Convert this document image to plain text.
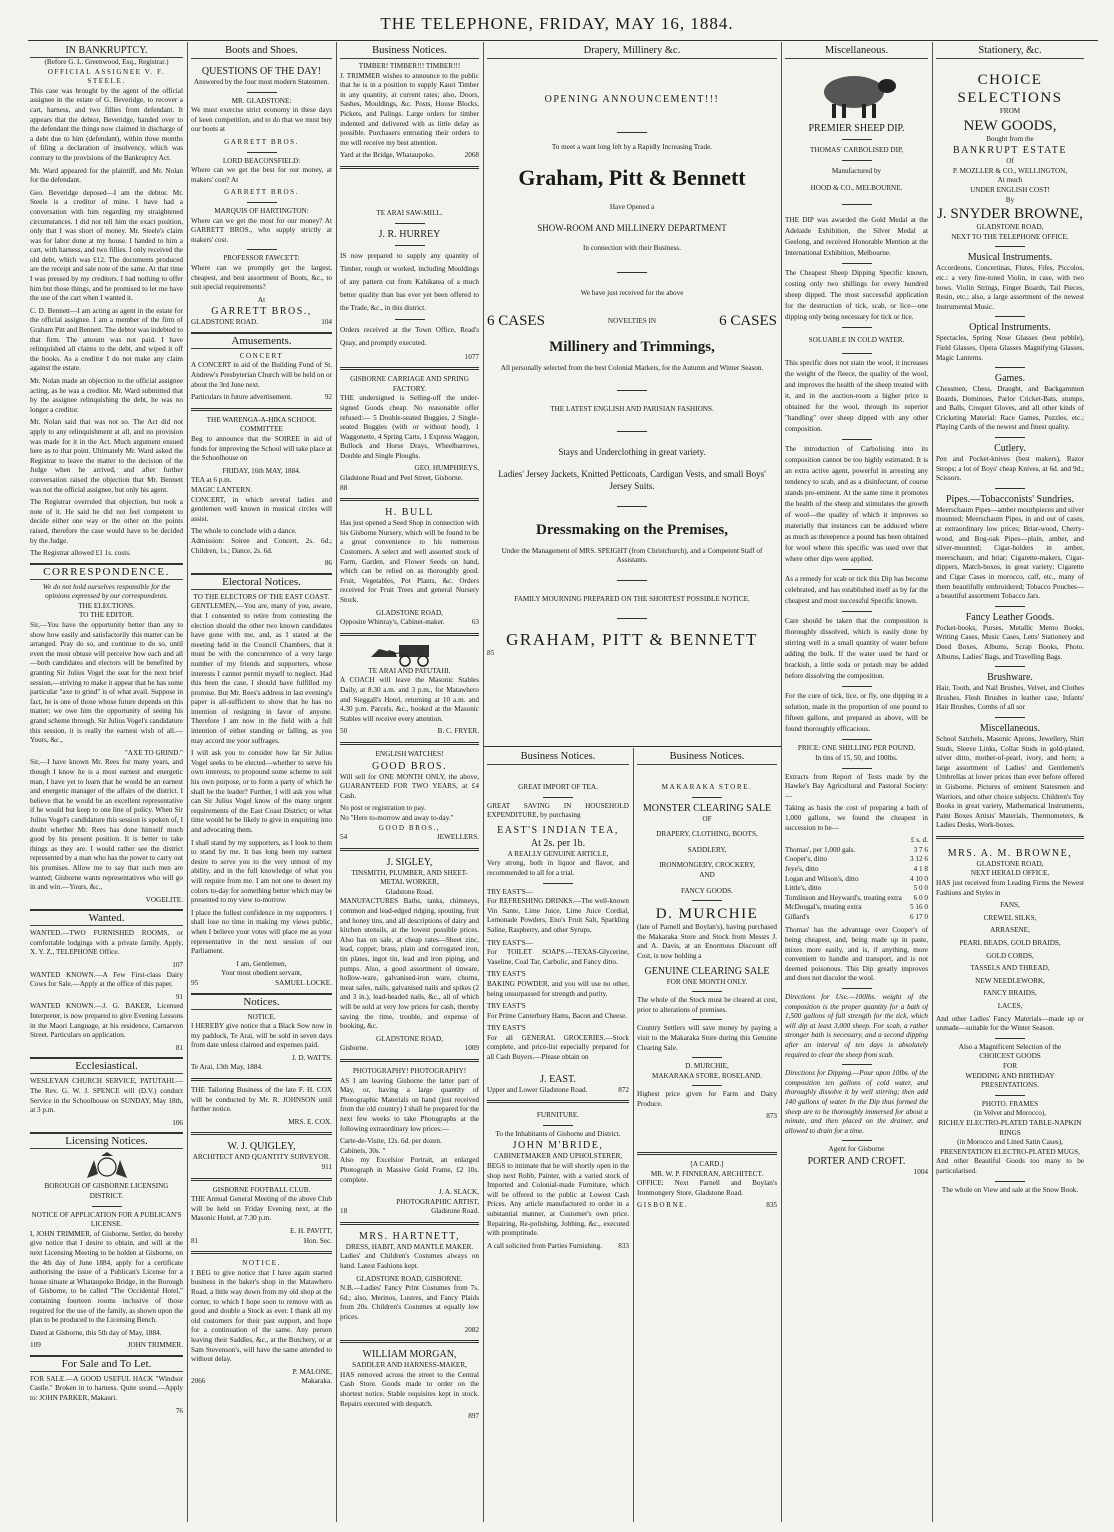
THE TELEPHONE, FRIDAY, MAY 16, 1884.
IN BANKRUPTCY.
(Before G. L. Greenwood, Esq., Registrar.)
OFFICIAL ASSIGNEE V. F. STEELE.

This case was brought by the agent of the official assignee in the estate of G. Beveridge, to recover a cart, harness, and two fillies from defendant. It appears that the debtor, Beveridge, handed over to the defendant the things now claimed in discharge of a debt due to him (defendant), within three months of filing a declaration of insolvency, which was contrary to the provisions of the Bankruptcy Act.

Mr. Ward appeared for the plaintiff, and Mr. Nolan for the defendant.

Geo. Beveridge deposed—I am the debtor. Mr. Steele is a creditor of mine. I have had a conversation with him regarding my straightened circumstances. I did not tell him the exact position, only that I was short of money. Mr. Steele's claim was for labor done at my house. I handed to him a cart, with harness, and two fillies. I only received the old debt, which was £12. The documents produced are the receipt and sale note of the same. At that time I was pressed by my creditors. I had nothing to offer him but those things, and he promised to let me have the use of the cart when I wanted it.

C. D. Bennett—I am acting as agent in the estate for the official assignee. I am a member of the firm of Graham Pitt and Bennett. The debtor was indebted to that firm. The amount was not paid. I have relinquished all claims to the debt, and wiped it off the books. As a creditor I do not make any claim against the estate.

Mr. Nolan made an objection to the official assignee acting, as he was a creditor. Mr. Ward submitted that by the assignee relinquishing the debt, he was no longer a creditor.

Mr. Nolan said that was not so. The Act did not apply to any relinquishment at all, and no provision was made for it in the Act. Much argument ensued here as to that point. Ultimately Mr. Ward asked the Registrar to leave the matter to the decision of the Judge when he arrived, and after further conversation raised the objection that Mr. Bennett was not the official assignee, but only his agent.

The Registrar overruled that objection, but took a note of it. He said he did not feel competent to decide either one way or the other on the points raised, therefore the case would have to be decided by the Judge.

The Registrar allowed £1 1s. costs.

CORRESPONDENCE.
We do not hold ourselves responsible for the opinions expressed by our correspondents.
THE ELECTIONS.
TO THE EDITOR.

Sir,—You have the opportunity better than any to show how easily and satisfactorily this matter can be arranged. Pray do so, and continue to do so, until even the most obtuse will perceive how each and all—both candidates and electors will be benefited by granting Sir Julius Vogel the seat for the next brief session,—striving to make it appear that he has some particular "axe to grind" is of what avail. Suppose in fact, he is one of those whose future depends on this matter; we owe him the opportunity of seeing his grand scheme through. Sir Julius Vogel's candidature this session, it is really the earnest wish of all.—Yours, &c.,

"AXE TO GRIND."

Sir,—I have known Mr. Rees for many years, and though I know he is a most earnest and energetic man, I have yet to learn that he would be an earnest and energetic manager of the affairs of the district. I believe that he would be an excellent representative if he would but keep to one line of policy. When Sir Julius Vogel's candidature this session is spoken of, I doubt whether Mr. Rees has done himself much good by his present position. It is better to take things as they are. I would rather see the district represented by a man who has the power to carry out his promises. Allow me to say that such men are wanted; Gisborne wants representatives who will go in and win.—Yours, &c.,

VOGELITE.
Wanted.

WANTED.—TWO FURNISHED ROOMS, or comfortable lodgings with a private family. Apply, X. Y. Z., TELEPHONE Office.

107

WANTED KNOWN.—A Few First-class Dairy Cows for Sale.—Apply at the office of this paper.

91

WANTED KNOWN.—J. G. BAKER, Licensed Interpreter, is now prepared to give Evening Lessons in the Maori Language, at his residence, Carnarvon Street. Particulars on application.

81
Ecclesiastical.

WESLEYAN CHURCH SERVICE, PATUTAHI.—The Rev. G. W. J. SPENCE will (D.V.) conduct Service in the Schoolhouse on SUNDAY, May 18th, at 3 p.m.

106
Licensing Notices.
BOROUGH OF GISBORNE LICENSING DISTRICT.
NOTICE OF APPLICATION FOR A PUBLICAN'S LICENSE.

I, JOHN TRIMMER, of Gisborne, Settler, do hereby give notice that I desire to obtain, and will at the next Licensing Meeting to be holden at Gisborne, on the 4th day of June 1884, apply for a certificate authorising the issue of a Publican's License for a house situate at Whataupoko Bridge, in the Borough of Gisborne, to be called "The Occidental Hotel," containing fourteen rooms inclusive of those required for the use of the family, as shown upon the plan to be produced to the Licensing Bench.

Dated at Gisborne, this 5th day of May, 1884.

109	JOHN TRIMMER.
For Sale and To Let.

FOR SALE.—A GOOD USEFUL HACK "Windsor Castle." Broken in to harness. Quite sound.—Apply to: JOHN PARKER, Makauri.

76
Boots and Shoes.
QUESTIONS OF THE DAY!
Answered by the four most modern Statesmen.
MR. GLADSTONE:

We must exercise strict economy in these days of keen competition, and to do that we must buy our boots at

GARRETT BROS.
LORD BEACONSFIELD:

Where can we get the best for our money, at makers' cost? At

GARRETT BROS.
MARQUIS OF HARTINGTON:

Where can we get the most for our money? At GARRETT BROS., who supply strictly at makers' cost.

PROFESSOR FAWCETT:

Where can we promptly get the largest, cheapest, and best assortment of Boots, &c., to suit special requirements?

At
GARRETT BROS.,
GLADSTONE ROAD.	104
Amusements.
CONCERT

A CONCERT in aid of the Building Fund of St. Andrew's Presbyterian Church will be held on or about the 3rd June next.

Particulars in future advertisement.	92
THE WARENGA-A-HIKA SCHOOL COMMITTEE

Beg to announce that the SOIREE in aid of funds for improving the School will take place at the Schoolhouse on

FRIDAY, 16th MAY, 1884.
TEA at 6 p.m.
MAGIC LANTERN.

CONCERT, in which several ladies and gentlemen well known in musical circles will assist.

The whole to conclude with a dance.

Admission: Soiree and Concert, 2s. 6d.; Children, 1s.; Dance, 2s. 6d.

86
Electoral Notices.
TO THE ELECTORS OF THE EAST COAST.

GENTLEMEN,—You are, many of you, aware, that I consented to retire from contesting the election should the other two known candidates have gone with me, and, as I stated at the meeting held in the Council Chambers, that it must be with the concurrence of a very large number of my friends and supporters, whose interests I cannot permit myself to neglect. Had this been the case, I should have fulfilled my promise. But Mr. Rees's address in last evening's paper is all-sufficient to show that he has no intention of resigning in favor of anyone. Therefore I am now in the field with a full intention of either standing or falling, as you may accord me your suffrages.

I will ask you to consider how far Sir Julius Vogel seeks to be elected—whether to serve his own interests, to propound some scheme to suit his own purpose, or to form a party of which he shall be the leader? Further, I will ask you what can Sir Julius Vogel know of the many urgent requirements of the East Coast District; or what time would he be likely to give in enquiring into and advocating them.

I shall stand by my supporters, as I look to them to stand by me. It has long been my earnest desire to serve you to the very utmost of my ability, and in the full knowledge of what you will require from me. I am not one to desert my colors to-day for something better which may be presented to my view to-morrow.

I place the fullest confidence in my supporters. I shall lose no time in making my views public, when I believe your votes will place me as your representative in the next session of our Parliament.

I am, Gentlemen,
Your most obedient servant,
95	SAMUEL LOCKE.
Notices.
NOTICE.

I HEREBY give notice that a Black Sow now in my paddock, Te Arai, will be sold in seven days from date unless claimed and expenses paid.

J. D. WATTS.
Te Arai, 13th May, 1884.

THE Tailoring Business of the late F. H. COX will be conducted by Mr. R. JOHNSON until further notice.

MRS. E. COX.
W. J. QUIGLEY,
ARCHITECT AND QUANTITY SURVEYOR.
911
GISBORNE FOOTBALL CLUB.

THE Annual General Meeting of the above Club will be held on Friday Evening next, at the Masonic Hotel, at 7.30 p.m.

E. H. PAVITT,
81	Hon. Sec.
NOTICE.

I BEG to give notice that I have again started business in the baker's shop in the Matawhero Road, a little way down from my old shop at the corner, to which I hope soon to remove with as good and double a Stock as ever. I thank all my old customers for their past support, and hope for a continuation of the same. Any person leaving their Saddles, &c., at the Butchery, or at Sam Stevenson's, will have the same attended to without delay.

P. MALONE,
2066	Makaraka.
Business Notices.
TIMBER! TIMBER!!! TIMBER!!!

J. TRIMMER wishes to announce to the public that he is in a position to supply Kauri Timber in any quantity, at current rates; also, Doors, Sashes, Mouldings, &c. Posts, House Blocks, Pickets, and Palings. Large orders for timber indented and delivered with as little delay as possible. Purchasers entrusting their orders to me will receive my best attention.

Yard at the Bridge, Whataupoko.	2068
TE ARAI SAW-MILL.
J. R. HURREY

IS now prepared to supply any quantity of Timber, rough or worked, including Mouldings of any pattern cut from Kahikatea of a much better quality than has ever yet been offered to the Trade, &c., in this district.

Orders received at the Town Office, Read's Quay, and promptly executed.

1077
GISBORNE CARRIAGE AND SPRING FACTORY.

THE undersigned is Selling-off the under-signed Goods cheap. No reasonable offer refused:— 5 Double-seated Buggies, 2 Single-seated Buggies (with or without hood), 1 Waggonette, 4 Spring Carts, 1 Express Waggon, Bullock and Horse Drays, Wheelbarrows, Double and Single Ploughs.

GEO. HUMPHREYS,
Gladstone Road and Peel Street, Gisborne.
88
H. BULL

Has just opened a Seed Shop in connection with his Gisborne Nursery, which will be found to be a great convenience to his numerous Customers. A select and well assorted stock of Farm, Garden, and Flower Seeds on hand, which can be relied on as thoroughly good. Fruit, Vegetables, Pot Plants, &c. Orders received for Fruit Trees and general Nursery Stock.

GLADSTONE ROAD,
Opposite Whinray's, Cabinet-maker.	63
TE ARAI AND PATUTAHI.

A COACH will leave the Masonic Stables Daily, at 8.30 a.m. and 3 p.m., for Matawhero and Sieggall's Hotel, returning at 10 a.m. and 4.30 p.m. Parcels, &c., booked at the Masonic Stables will receive every attention.

50	B. C. FRYER.
ENGLISH WATCHES!
GOOD BROS.

Will sell for ONE MONTH ONLY, the above, GUARANTEED FOR TWO YEARS, at £4 Cash.

No post or registration to pay.
No "Here to-morrow and away to-day."
GOOD BROS.,
54	JEWELLERS.
J. SIGLEY,
TINSMITH, PLUMBER, AND SHEET-METAL WORKER,
Gladstone Road.

MANUFACTURES Baths, tanks, chimneys, common and lead-edged ridging, spouting, fruit and honey tins, and all descriptions of dairy and kitchen utensils, at the lowest possible prices. Also has on sale, at cheap rates—Sheet zinc, lead, copper, brass, plain and corrugated iron, tin plates, ingot tin, lead and iron piping, and pumps. Also, a good assortment of tinware, hollow-ware, galvanised-iron ware, churns, meat safes, nails, galvanised nails and spikes (2 and 3 in.), lead-headed nails, &c., all of which will be sold at very low prices for cash, thereby saving the time, trouble, and expense of booking, &c.

GLADSTONE ROAD,
Gisborne.	1009
PHOTOGRAPHY! PHOTOGRAPHY!

AS I am leaving Gisborne the latter part of May, or, having a large quantity of Photographic Materials on hand (just received from the old country) I shall be prepared for the next few weeks to take Photographs at the following extraordinary low prices:—

Carte-de-Visite, 12s. 6d. per dozen.
Cabinets, 30s. "

Also my Excelsior Portrait, an enlarged Photograph in Massive Gold Frame, £2 10s. complete.

J. A. SLACK,
PHOTOGRAPHIC ARTIST,
18	Gladstone Road.
MRS. HARTNETT,
DRESS, HABIT, AND MANTLE MAKER.

Ladies' and Children's Costumes always on hand. Latest Fashions kept.

GLADSTONE ROAD, GISBORNE.

N.B.—Ladies' Fancy Print Costumes from 7s. 6d.; also, Merinos, Lustres, and Fancy Plaids from 20s. Children's Costumes at equally low prices.

2082
WILLIAM MORGAN,
SADDLER AND HARNESS-MAKER,

HAS removed across the street to the Central Cash Store. Goods made to order on the shortest notice. Stable requisites kept in stock. Repairs executed with despatch.

897
Drapery, Millinery &c.
OPENING ANNOUNCEMENT!!!
To meet a want long felt by a Rapidly Increasing Trade.
Graham, Pitt & Bennett
Have Opened a
SHOW-ROOM AND MILLINERY DEPARTMENT
In connection with their Business.
We have just received for the above
6 CASES	NOVELTIES IN	6 CASES
Millinery and Trimmings,
All personally selected from the best Colonial Markets, for the Autumn and Winter Season.
THE LATEST ENGLISH AND PARISIAN FASHIONS.
Stays and Underclothing in great variety.
Ladies' Jersey Jackets, Knitted Petticoats, Cardigan Vests, and small Boys' Jersey Suits.
Dressmaking on the Premises,
Under the Management of MRS. SPEIGHT (from Christchurch), and a Competent Staff of Assistants.
FAMILY MOURNING PREPARED ON THE SHORTEST POSSIBLE NOTICE.
GRAHAM, PITT & BENNETT
85
Business Notices.
GREAT IMPORT OF TEA.

GREAT SAVING IN HOUSEHOLD EXPENDITURE, by purchasing

EAST'S INDIAN TEA,
At 2s. per 1b.
A REALLY GENUINE ARTICLE,

Very strong, both in liquor and flavor, and recommended to all for a trial.

TRY EAST'S—

For REFRESHING DRINKS.—The well-known Vin Sante, Lime Juice, Lime Juice Cordial, Lemonade Powders, Eno's Fruit Salt, Sparkling Saline, Raspberry, and other Syrups.

TRY EAST'S—

For TOILET SOAPS.—TEXAS-Glycerine, Vaseline, Coal Tar, Carbolic, and Fancy ditto.

TRY EAST'S

BAKING POWDER, and you will use no other, being unsurpassed for strength and purity.

TRY EAST'S

For Prime Canterbury Hams, Bacon and Cheese.

TRY EAST'S

For all GENERAL GROCERIES.—Stock complete, and price-list especially prepared for all Cash Buyers.—Please obtain on

J. EAST.
Upper and Lower Gladstone Road.	872
FURNITURE.
To the Inhabitants of Gisborne and District.
JOHN M'BRIDE,
CABINETMAKER AND UPHOLSTERER,

BEGS to intimate that he will shortly open in the shop next Robb, Painter, with a varied stock of Imported and Colonial-made Furniture, which will be offered to the public at Lowest Cash Prices. Any article manufactured to order in a substantial manner, at Customer's own price. Repairing, Re-polishing, Jobbing, &c., executed with promptitude.

A call solicited from Parties Furnishing. 833
Business Notices.
MAKARAKA STORE.
MONSTER CLEARING SALE
OF
DRAPERY, CLOTHING, BOOTS,
SADDLERY,
IRONMONGERY, CROCKERY,
AND
FANCY GOODS.
D. MURCHIE

(late of Parnell and Boylan's), having purchased the Makaraka Store and Stock from Messrs J. and A. Davis, at an Enormous Discount off Cost, is now holding a

GENUINE CLEARING SALE
FOR ONE MONTH ONLY.

The whole of the Stock must be cleared at cost, prior to alterations of premises.

Country Settlers will save money by paying a visit to the Makaraka Store during this Genuine Clearing Sale.

D. MURCHIE,
MAKARAKA STORE, ROSELAND.

Highest price given for Farm and Dairy Produce.

873
[A CARD.]
MR. W. P. FINNERAN, ARCHITECT.

OFFICE: Next Parnell and Boylan's Ironmongery Store, Gladstone Road.

GISBORNE.	835
Miscellaneous.
PREMIER SHEEP DIP.
THOMAS' CARBOLISED DIP,
Manufactured by
HOOD & CO., MELBOURNE.

THE DIP was awarded the Gold Medal at the Adelaide Exhibition, the Silver Medal at Geelong, and received Honorable Mention at the International Exhibition, Melbourne.

The Cheapest Sheep Dipping Specific known, costing only two shillings for every hundred sheep dipped. The most successful application for the destruction of tick, scab, or lice—one dipping only being necessary for tick or lice.

SOLUABLE IN COLD WATER.

This specific does not stain the wool, it increases the weight of the fleece, the quality of the wool, and improves the health of the sheep treated with it, and in the auction-room a higher price is obtained for the wool, through its superior "handling" over sheep dipped with any other composition.

The introduction of Carbolising into its composition cannot be too highly estimated. It is an extra active agent, powerful in arresting any tendency to scab, and as a disinfectant, of course stands pre-eminent. At the same time it promotes the health of the sheep and stimulates the growth of wool—the quality of which it improves so materially that instances can be adduced where as much as threepence a pound has been obtained for wool where this specific was used over that where other dips were applied.

As a remedy for scab or tick this Dip has become celebrated, and has established itself as by far the cheapest and most successful Specific known.

Care should be taken that the composition is thoroughly dissolved, which is easily done by stirring well in a small quantity of water before adding the bulk. If the water used be hard or brackish, a little soda or potash may be added before dissolving the composition.

For the cure of tick, lice, or fly, one dipping in a solution, made in the proportion of one pound to fifteen gallons, and prepared as above, will be found thoroughly efficacious.

PRICE: ONE SHILLING PER POUND,
In tins of 15, 50, and 100lbs.

Extracts from Report of Tests made by the Hawke's Bay Agricultural and Pastoral Society:—

Taking as basis the cost of preparing a bath of 1,000 gallons, we found the cheapest in succession to be—

£ s. d.
Thomas', per 1,000 gals.	3 7 6
Cooper's, ditto	3 12 6
Jeye's, ditto	4 1 8
Logan and Wilson's, ditto	4 10 0
Little's, ditto	5 0 0
Tomlinson and Heyward's, treating extra 6 0 0
McDougal's, treating extra	5 16 0
Gillard's	6 17 0

Thomas' has the advantage over Cooper's of being cheapest, and, being made up in paste, mixes more easily, and is, if anything, more convenient to handle and transport, and is not deemed poisonous. This Dip greatly improves and does not discolor the wool.

Directions for Use.—100lbs. weight of the composition is the proper quantity for a bath of 1,500 gallons of full strength for the tick, which will dip at least 3,000 sheep. For scab, a rather stronger bath is necessary, and a second dipping after an interval of ten days is absolutely required to clear the sheep from scab.

Directions for Dipping.—Pour upon 10lbs. of the composition ten gallons of cold water, and thoroughly dissolve it by well stirring; then add 140 gallons of water. In the Dip thus formed the sheep are to be thoroughly immersed for about a minute, and then placed on the drainer, and allowed to drain for a time.

Agent for Gisborne
PORTER AND CROFT.
1004
Stationery, &c.
CHOICE SELECTIONS
FROM
NEW GOODS,
Bought from the
BANKRUPT ESTATE
Of
P. MOZLLER & CO., WELLINGTON,
At much
UNDER ENGLISH COST!
By
J. SNYDER BROWNE,
GLADSTONE ROAD,
NEXT TO THE TELEPHONE OFFICE.
Musical Instruments.

Accordeons, Concertinas, Flutes, Fifes, Piccolos, etc.: a very fine-toned Violin, in case, with two bows. Violin Strings, Finger Boards, Tail Pieces, Resin, etc.; also, a large assortment of the newest Instrumental Music.

Optical Instruments.

Spectacles, Spring Nose Glasses (best pebble), Field Glasses, Opera Glasses Magnifying Glasses, Magic Lanterns.

Games.

Chessmen, Chess, Draught, and Backgammon Boards, Dominoes, Parlor Cricket-Bats, stumps, and Balls, Croquet Gloves, and all other kinds of Cricketing Material: Race Games, Puzzles, etc.; Playing Cards of the newest and finest quality.

Cutlery.

Pen and Pocket-knives (best makers), Razor Strops; a lot of Boys' cheap Knives, at 6d. and 9d.; Scissors.

Pipes.—Tobacconists' Sundries.

Meerschaum Pipes—amber mouthpieces and silver mounted; Meerschaum Pipes, in and out of cases, at extraordinary low prices; Briar-wood, Cherry-wood, and Bog-oak Pipes—plain, amber, and silver-mounted; Cigar-holders in amber, meerschaum, and briar; Cigarette-makers, Cigar-dippers, Match-boxes, in great variety; Cigarette and Cigar Cases in morocco, calf, etc., many of them beautifully embroidered; Tobacco Pouches—a beautiful assortment Tobacco Jars.

Fancy Leather Goods.

Pocket-books, Purses, Metallic Memo Books, Writing Cases, Music Cases, Letts' Stationery and Deed Boxes, Albums, Scrap Books, Photo. Albums, Ladies' Bags, and Travelling Bags.

Brushware.

Hair, Tooth, and Nail Brushes, Velvet, and Clothes Brushes, Flesh Brushes in leather case, Infants' Hair Brushes, Combs of all sor

Miscellaneous.

School Satchels, Masonic Aprons, Jewellery, Shirt Studs, Sleeve Links, Collar Studs in gold-plated, silver ditto, mother-of-pearl, ivory, and horn; a large assortment of Ladies' and Gentlemen's Umbrellas at lower prices than ever before offered in Gisborne. Pictures of eminent Statesmen and Warriors, and other choice subjects. Children's Toy Books in great variety, Mathematical Instruments, Paint Boxes Artists' Materials, Thermometers, & Ladies Desks, Work-boxes.

MRS. A. M. BROWNE,
GLADSTONE ROAD,
NEXT HERALD OFFICE,

HAS just received from Leading Firms the Newest Fashions and Styles in

FANS,
CREWEL SILKS,
ARRASENE,
PEARL BEADS, GOLD BRAIDS,
GOLD CORDS,
TASSELS AND THREAD,
NEW NEEDLEWORK,
FANCY BRAIDS,
LACES,

And other Ladies' Fancy Materials—made up or unmade—suitable for the Winter Season.

Also a Magnificent Selection of the
CHOICEST GOODS
FOR
WEDDING AND BIRTHDAY PRESENTATIONS.
PHOTO. FRAMES
(in Velvet and Morocco),
RICHLY ELECTRO-PLATED TABLE-NAPKIN RINGS
(in Morocco and Lined Satin Cases),
PRESENTATION ELECTRO-PLATED MUGS,

And other Beautiful Goods too many to be particularised.

The whole on View and sale at the Snow Book.
